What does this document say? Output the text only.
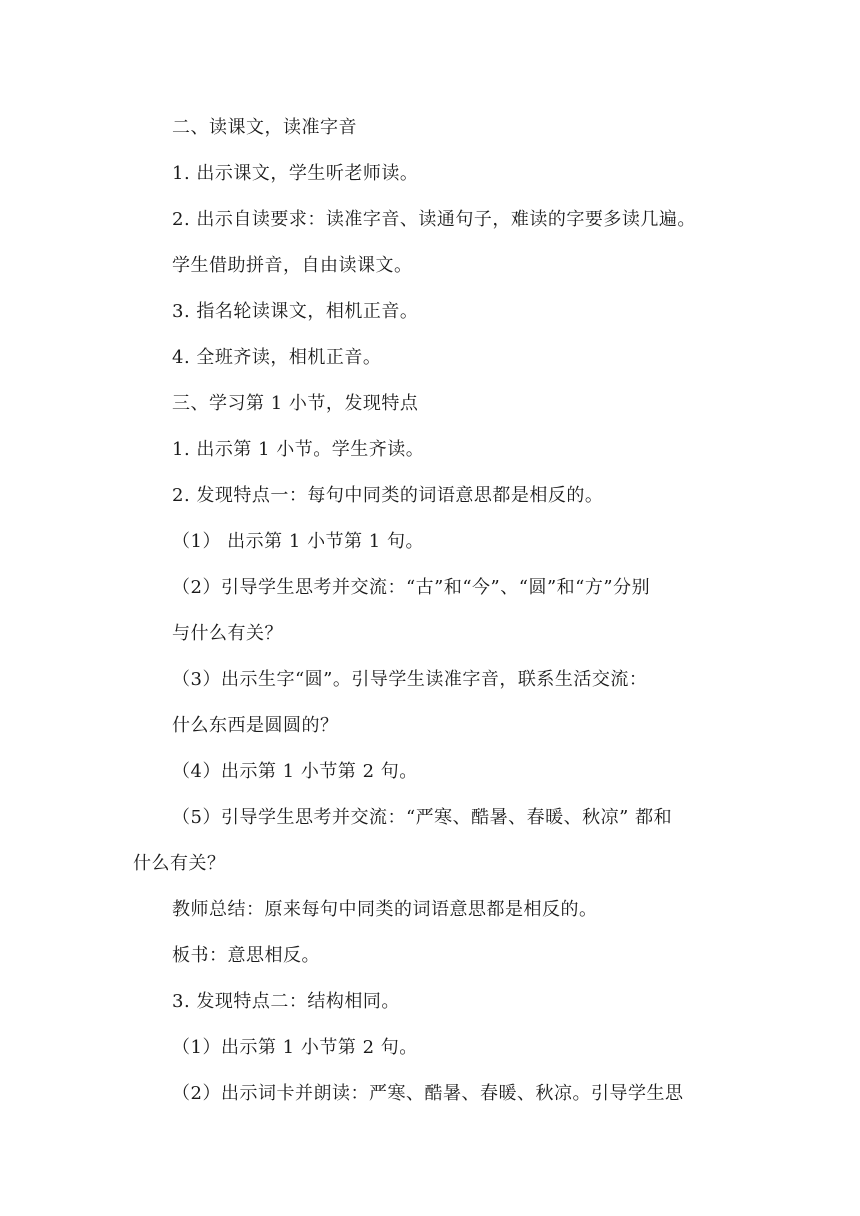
二、读课文，读准字音
1. 出示课文，学生听老师读。
2. 出示自读要求：读准字音、读通句子，难读的字要多读几遍。
学生借助拼音，自由读课文。
3. 指名轮读课文，相机正音。
4. 全班齐读，相机正音。
三、学习第 1 小节，发现特点
1. 出示第 1 小节。学生齐读。
2. 发现特点一：每句中同类的词语意思都是相反的。
（1） 出示第 1 小节第 1 句。
（2）引导学生思考并交流：“古”和“今”、“圆”和“方”分别
与什么有关？
（3）出示生字“圆”。引导学生读准字音，联系生活交流：
什么东西是圆圆的？
（4）出示第 1 小节第 2 句。
（5）引导学生思考并交流：“严寒、酷暑、春暖、秋凉” 都和
什么有关？
教师总结：原来每句中同类的词语意思都是相反的。
板书：意思相反。
3. 发现特点二：结构相同。
（1）出示第 1 小节第 2 句。
（2）出示词卡并朗读：严寒、酷暑、春暖、秋凉。引导学生思
